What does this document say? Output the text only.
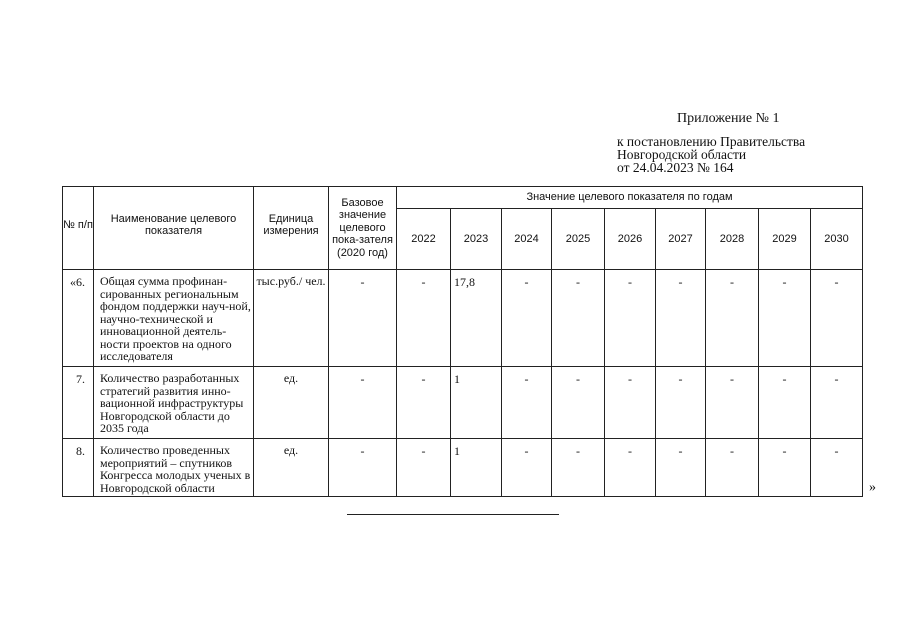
Приложение № 1
к постановлению Правительства
Новгородской области
от 24.04.2023 № 164
№ п/п	Наименование целевого показателя	Единица измерения	Базовое значение целевого пока-зателя (2020 год)	Значение целевого показателя по годам								
				2022	2023	2024	2025	2026	2027	2028	2029	2030
«6.	Общая сумма профинан-сированных региональным фондом поддержки науч-ной, научно-технической и инновационной деятель-ности проектов на одного исследователя	тыс.руб./ чел.	-	-	17,8	-	-	-	-	-	-	-
7.	Количество разработанных стратегий развития инно-вационной инфраструктуры Новгородской области до 2035 года	ед.	-	-	1	-	-	-	-	-	-	-
8.	Количество проведенных мероприятий – спутников Конгресса молодых ученых в Новгородской области	ед.	-	-	1	-	-	-	-	-	-	-
»
